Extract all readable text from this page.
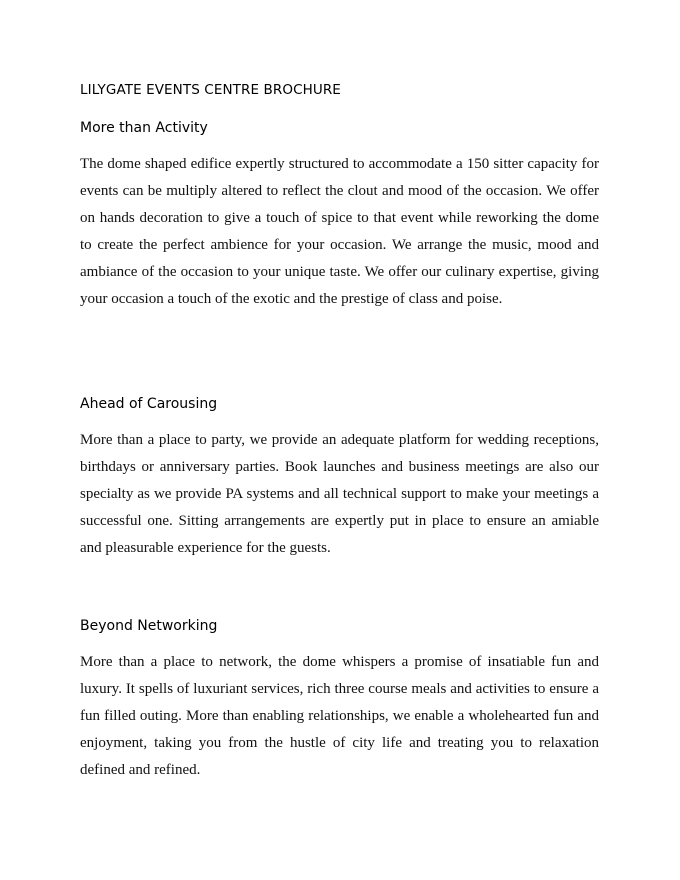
LILYGATE EVENTS CENTRE BROCHURE
More than Activity

The dome shaped edifice expertly structured to accommodate a 150 sitter capacity for events can be multiply altered to reflect the clout and mood of the occasion. We offer on hands decoration to give a touch of spice to that event while reworking the dome to create the perfect ambience for your occasion. We arrange the music, mood and ambiance of the occasion to your unique taste. We offer our culinary expertise, giving your occasion a touch of the exotic and the prestige of class and poise.

Ahead of Carousing

More than a place to party, we provide an adequate platform for wedding receptions, birthdays or anniversary parties. Book launches and business meetings are also our specialty as we provide PA systems and all technical support to make your meetings a successful one. Sitting arrangements are expertly put in place to ensure an amiable and pleasurable experience for the guests.

Beyond Networking

More than a place to network, the dome whispers a promise of insatiable fun and luxury. It spells of luxuriant services, rich three course meals and activities to ensure a fun filled outing. More than enabling relationships, we enable a wholehearted fun and enjoyment, taking you from the hustle of city life and treating you to relaxation defined and refined.
